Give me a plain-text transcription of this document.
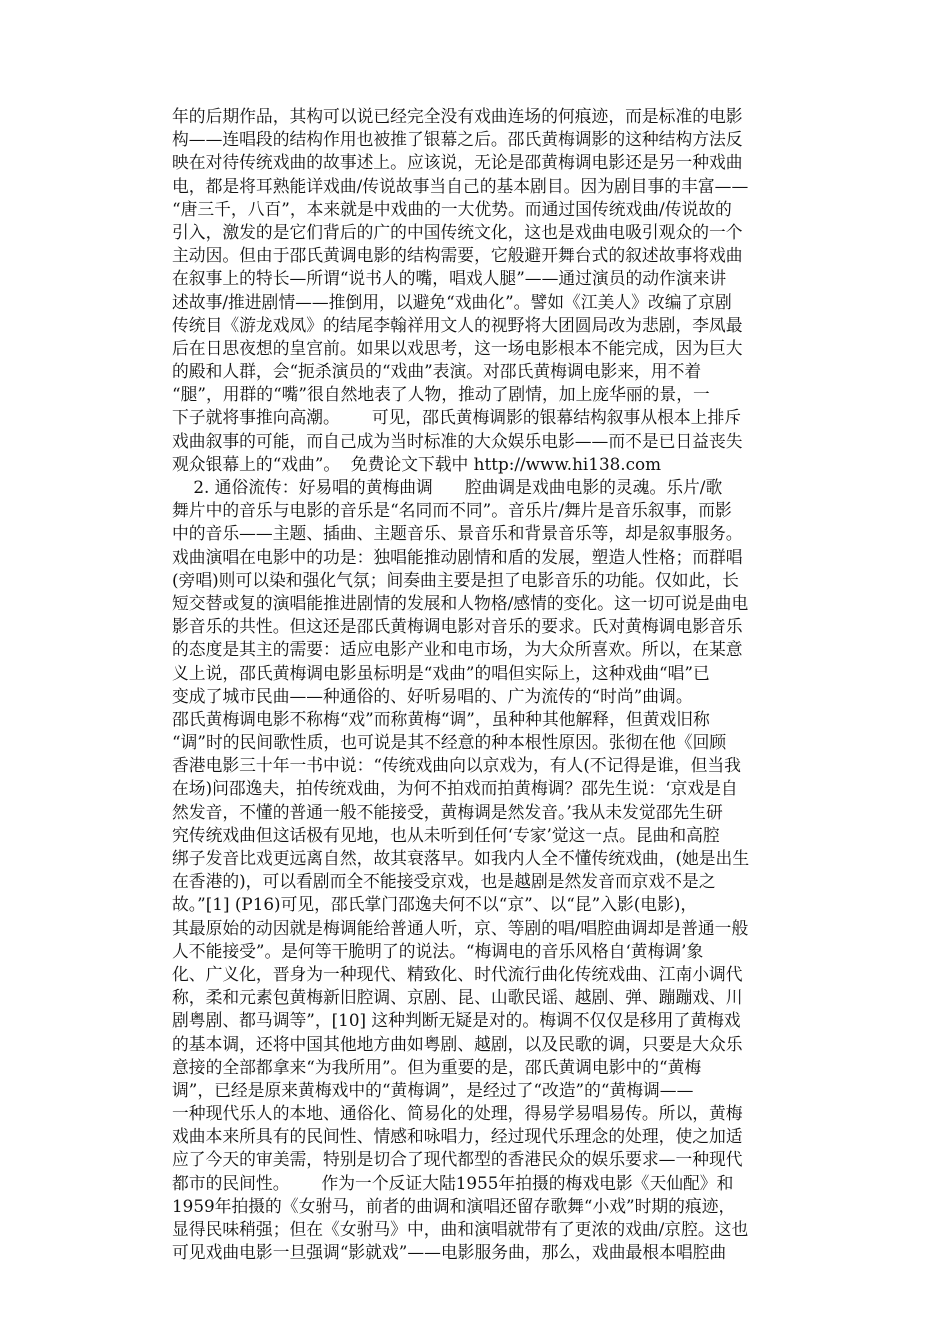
年的后期作品，其构可以说已经完全没有戏曲连场的何痕迹，而是标准的电影
构——连唱段的结构作用也被推了银幕之后。邵氏黄梅调影的这种结构方法反
映在对待传统戏曲的故事述上。应该说，无论是邵黄梅调电影还是另一种戏曲
电，都是将耳熟能详戏曲/传说故事当自己的基本剧目。因为剧目事的丰富——
“唐三千，八百”，本来就是中戏曲的一大优势。而通过国传统戏曲/传说故的
引入，激发的是它们背后的广的中国传统文化，这也是戏曲电吸引观众的一个
主动因。但由于邵氏黄调电影的结构需要，它般避开舞台式的叙述故事将戏曲
在叙事上的特长—所谓“说书人的嘴，唱戏人腿”——通过演员的动作演来讲
述故事/推进剧情——推倒用，以避免“戏曲化”。譬如《江美人》改编了京剧
传统目《游龙戏凤》的结尾李翰祥用文人的视野将大团圆局改为悲剧，李凤最
后在日思夜想的皇宫前。如果以戏思考，这一场电影根本不能完成，因为巨大
的殿和人群，会“扼杀演员的“戏曲”表演。对邵氏黄梅调电影来，用不着
“腿”，用群的“嘴”很自然地表了人物，推动了剧情，加上庞华丽的景，一
下子就将事推向高潮。      可见，邵氏黄梅调影的银幕结构叙事从根本上排斥
戏曲叙事的可能，而自己成为当时标准的大众娱乐电影——而不是已日益丧失
观众银幕上的“戏曲”。  免费论文下载中 http://www.hi138.com
2. 通俗流传：好易唱的黄梅曲调      腔曲调是戏曲电影的灵魂。乐片/歌
舞片中的音乐与电影的音乐是“名同而不同”。音乐片/舞片是音乐叙事，而影
中的音乐——主题、插曲、主题音乐、景音乐和背景音乐等，却是叙事服务。
戏曲演唱在电影中的功是：独唱能推动剧情和盾的发展，塑造人性格；而群唱
(旁唱)则可以染和强化气氛；间奏曲主要是担了电影音乐的功能。仅如此，长
短交替或复的演唱能推进剧情的发展和人物格/感情的变化。这一切可说是曲电
影音乐的共性。但这还是邵氏黄梅调电影对音乐的要求。氏对黄梅调电影音乐
的态度是其主的需要：适应电影产业和电市场，为大众所喜欢。所以，在某意
义上说，邵氏黄梅调电影虽标明是“戏曲”的唱但实际上，这种戏曲“唱”已
变成了城市民曲——种通俗的、好听易唱的、广为流传的“时尚”曲调。
邵氏黄梅调电影不称梅“戏”而称黄梅“调”，虽种种其他解释，但黄戏旧称
“调”时的民间歌性质，也可说是其不经意的种本根性原因。张彻在他《回顾
香港电影三十年一书中说：“传统戏曲向以京戏为，有人(不记得是谁，但当我
在场)问邵逸夫，拍传统戏曲，为何不拍戏而拍黄梅调？邵先生说：‘京戏是自
然发音，不懂的普通一般不能接受，黄梅调是然发音。’我从未发觉邵先生研
究传统戏曲但这话极有见地，也从未听到任何‘专家’觉这一点。昆曲和高腔
绑子发音比戏更远离自然，故其衰落早。如我内人全不懂传统戏曲，(她是出生
在香港的)，可以看剧而全不能接受京戏，也是越剧是然发音而京戏不是之
故。”[1] (P16)可见，邵氏掌门邵逸夫何不以“京”、以“昆”入影(电影)，
其最原始的动因就是梅调能给普通人听，京、等剧的唱/唱腔曲调却是普通一般
人不能接受”。是何等干脆明了的说法。“梅调电的音乐风格自‘黄梅调’象
化、广义化，晋身为一种现代、精致化、时代流行曲化传统戏曲、江南小调代
称，柔和元素包黄梅新旧腔调、京剧、昆、山歌民谣、越剧、弹、蹦蹦戏、川
剧粤剧、都马调等”，[10] 这种判断无疑是对的。梅调不仅仅是移用了黄梅戏
的基本调，还将中国其他地方曲如粤剧、越剧，以及民歌的调，只要是大众乐
意接的全部都拿来“为我所用”。但为重要的是，邵氏黄调电影中的“黄梅
调”，已经是原来黄梅戏中的“黄梅调”，是经过了“改造”的“黄梅调——
一种现代乐人的本地、通俗化、简易化的处理，得易学易唱易传。所以，黄梅
戏曲本来所具有的民间性、情感和咏唱力，经过现代乐理念的处理，使之加适
应了今天的审美需，特别是切合了现代都型的香港民众的娱乐要求—一种现代
都市的民间性。      作为一个反证大陆1955年拍摄的梅戏电影《天仙配》和
1959年拍摄的《女驸马，前者的曲调和演唱还留存歌舞“小戏”时期的痕迹，
显得民味稍强；但在《女驸马》中，曲和演唱就带有了更浓的戏曲/京腔。这也
可见戏曲电影一旦强调“影就戏”——电影服务曲，那么，戏曲最根本唱腔曲
